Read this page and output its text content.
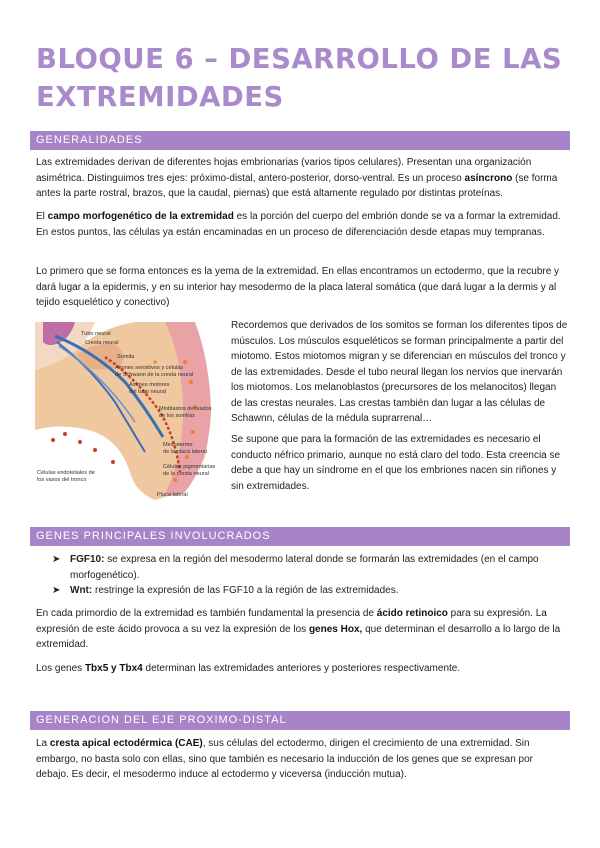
BLOQUE 6 – DESARROLLO DE LAS EXTREMIDADES
GENERALIDADES

Las extremidades derivan de diferentes hojas embrionarias (varios tipos celulares). Presentan una organización asimétrica. Distinguimos tres ejes: próximo-distal, antero-posterior, dorso-ventral. Es un proceso asíncrono (se forma antes la parte rostral, brazos, que la caudal, piernas) que está altamente regulado por distintas proteínas.

El campo morfogenético de la extremidad es la porción del cuerpo del embrión donde se va a formar la extremidad. En estos puntos, las células ya están encaminadas en un proceso de diferenciación desde etapas muy tempranas.

Lo primero que se forma entonces es la yema de la extremidad. En ellas encontramos un ectodermo, que la recubre y dará lugar a la epidermis, y en su interior hay mesodermo de la placa lateral somática (que dará lugar a la dermis y al tejido esquelético y conectivo)

Tubo neural
Cresta neural
Somita
Axones sensitivos y células
de Schwann de la cresta neural
Axones motores
del tubo neural
Mioblastos derivados
de los somitas
Mesodermo
de la placa lateral
Células pigmentarias
de la cresta neural
Células endoteliales de
los vasos del tronco
Placa lateral

Recordemos que derivados de los somitos se forman los diferentes tipos de músculos. Los músculos esqueléticos se forman principalmente a partir del miotomo. Estos miotomos migran y se diferencian en músculos del tronco y de las extremidades. Desde el tubo neural llegan los nervios que inervarán los miotomos. Los melanoblastos (precursores de los melanocitos) llegan de las crestas neurales. Las crestas también dan lugar a las células de Schawnn, células de la médula suprarrenal…

Se supone que para la formación de las extremidades es necesario el conducto néfrico primario, aunque no está claro del todo. Esta creencia se debe a que hay un síndrome en el que los embriones nacen sin riñones y sin extremidades.

GENES PRINCIPALES INVOLUCRADOS
➤ FGF10: se expresa en la región del mesodermo lateral donde se formarán las extremidades (en el campo morfogenético).
➤ Wnt: restringe la expresión de las FGF10 a la región de las extremidades.

En cada primordio de la extremidad es también fundamental la presencia de ácido retinoico para su expresión. La expresión de este ácido provoca a su vez la expresión de los genes Hox, que determinan el desarrollo a lo largo de la extremidad.

Los genes Tbx5 y Tbx4 determinan las extremidades anteriores y posteriores respectivamente.

GENERACION DEL EJE PROXIMO-DISTAL

La cresta apical ectodérmica (CAE), sus células del ectodermo, dirigen el crecimiento de una extremidad. Sin embargo, no basta solo con ellas, sino que también es necesario la inducción de los genes que se expresan por debajo. Es decir, el mesodermo induce al ectodermo y viceversa (inducción mutua).
